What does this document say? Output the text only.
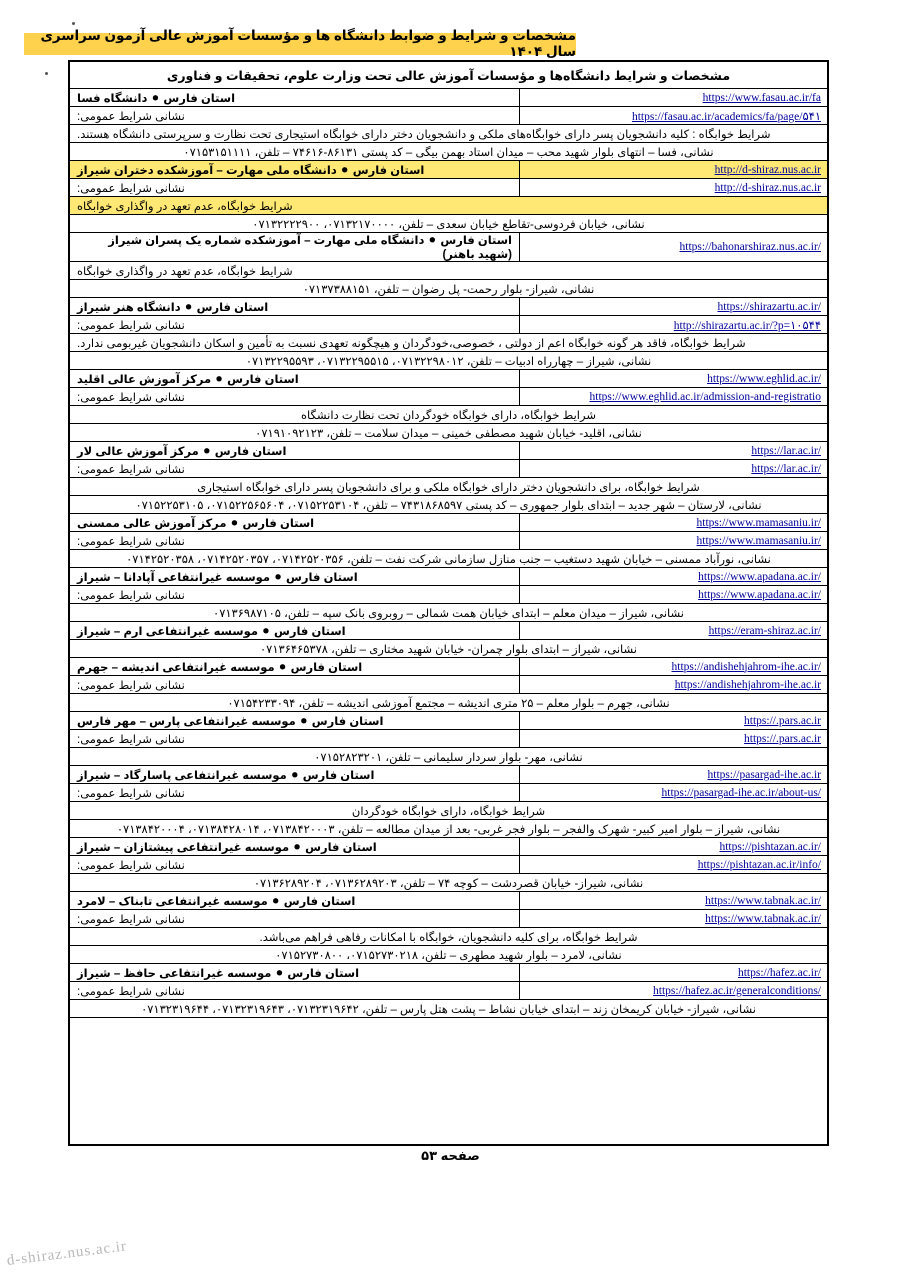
مشخصات و شرایط و ضوابط دانشگاه ها و مؤسسات آموزش عالی آزمون سراسری سال ۱۴۰۴
مشخصات و شرایط دانشگاه‌ها و مؤسسات آموزش عالی تحت وزارت علوم، تحقیقات و فناوری
https://www.fasau.ac.ir/fa
استان فارس ⚫ دانشگاه فسا
https://fasau.ac.ir/academics/fa/page/۵۴۱
نشانی شرایط عمومی:
شرایط خوابگاه : کلیه دانشجویان پسر دارای خوابگاه‌های ملکی و دانشجویان دختر دارای خوابگاه استیجاری تحت نظارت و سرپرستی دانشگاه هستند.
نشانی، فسا – انتهای بلوار شهید محب – میدان استاد بهمن بیگی – کد پستی ۸۶۱۳۱-۷۴۶۱۶ – تلفن، ۰۷۱۵۳۱۵۱۱۱۱
http://d-shiraz.nus.ac.ir
استان فارس ⚫ دانشگاه ملی مهارت – آموزشکده دختران شیراز
http://d-shiraz.nus.ac.ir
نشانی شرایط عمومی:
شرایط خوابگاه، عدم تعهد در واگذاری خوابگاه
نشانی، خیابان فردوسی-تقاطع خیابان سعدی – تلفن، ۰۷۱۳۲۱۷۰۰۰۰، ۰۷۱۳۲۲۲۲۹۰۰
https://bahonarshiraz.nus.ac.ir/
استان فارس ⚫ دانشگاه ملی مهارت – آموزشکده شماره یک پسران شیراز (شهید باهنر)
شرایط خوابگاه، عدم تعهد در واگذاری خوابگاه
نشانی، شیراز- بلوار رحمت- پل رضوان – تلفن، ۰۷۱۳۷۳۸۸۱۵۱
https://shirazartu.ac.ir/
استان فارس ⚫ دانشگاه هنر شیراز
http://shirazartu.ac.ir/?p=۱۰۵۴۴
نشانی شرایط عمومی:
شرایط خوابگاه، فاقد هر گونه خوابگاه اعم از دولتی ، خصوصی،خودگردان و هیچگونه تعهدی نسبت به تأمین و اسکان دانشجویان غیربومی ندارد.
نشانی، شیراز – چهارراه ادبیات – تلفن، ۰۷۱۳۲۲۹۸۰۱۲، ۰۷۱۳۲۲۹۵۵۱۵، ۰۷۱۳۲۲۹۵۵۹۳
https://www.eghlid.ac.ir/
استان فارس ⚫ مرکز آموزش عالی اقلید
https://www.eghlid.ac.ir/admission-and-registratio
نشانی شرایط عمومی:
شرایط خوابگاه، دارای خوابگاه خودگردان تحت نظارت دانشگاه
نشانی، اقلید- خیابان شهید مصطفی خمینی – میدان سلامت – تلفن، ۰۷۱۹۱۰۹۲۱۲۳
https://lar.ac.ir/
استان فارس ⚫ مرکز آموزش عالی لار
https://lar.ac.ir/
نشانی شرایط عمومی:
شرایط خوابگاه، برای دانشجویان دختر دارای خوابگاه ملکی و برای دانشجویان پسر دارای خوابگاه استیجاری
نشانی، لارستان – شهر جدید – ابتدای بلوار جمهوری – کد پستی ۷۴۳۱۸۶۸۵۹۷ – تلفن، ۰۷۱۵۲۲۵۳۱۰۴، ۰۷۱۵۲۲۵۶۵۶۰۴، ۰۷۱۵۲۲۵۳۱۰۵
https://www.mamasaniu.ir/
استان فارس ⚫ مرکز آموزش عالی ممسنی
https://www.mamasaniu.ir/
نشانی شرایط عمومی:
نشانی، نورآباد ممسنی – خیابان شهید دستغیب – جنب منازل سازمانی شرکت نفت – تلفن، ۰۷۱۴۲۵۲۰۳۵۶، ۰۷۱۴۲۵۲۰۳۵۷، ۰۷۱۴۲۵۲۰۳۵۸
https://www.apadana.ac.ir/
استان فارس ⚫ موسسه غیرانتفاعی آپادانا – شیراز
https://www.apadana.ac.ir/
نشانی شرایط عمومی:
نشانی، شیراز – میدان معلم – ابتدای خیابان همت شمالی – روبروی بانک سپه – تلفن، ۰۷۱۳۶۹۸۷۱۰۵
https://eram-shiraz.ac.ir/
استان فارس ⚫ موسسه غیرانتفاعی ارم – شیراز
نشانی، شیراز – ابتدای بلوار چمران- خیابان شهید مختاری – تلفن، ۰۷۱۳۶۴۶۵۳۷۸
https://andishehjahrom-ihe.ac.ir/
استان فارس ⚫ موسسه غیرانتفاعی اندیشه – جهرم
https://andishehjahrom-ihe.ac.ir
نشانی شرایط عمومی:
نشانی، جهرم – بلوار معلم – ۲۵ متری اندیشه – مجتمع آموزشی اندیشه – تلفن، ۰۷۱۵۴۲۳۳۰۹۴
https://.pars.ac.ir
استان فارس ⚫ موسسه غیرانتفاعی پارس – مهر فارس
https://.pars.ac.ir
نشانی شرایط عمومی:
نشانی، مهر- بلوار سردار سلیمانی – تلفن، ۰۷۱۵۲۸۲۳۲۰۱
https://pasargad-ihe.ac.ir
استان فارس ⚫ موسسه غیرانتفاعی پاسارگاد – شیراز
https://pasargad-ihe.ac.ir/about-us/
نشانی شرایط عمومی:
شرایط خوابگاه، دارای خوابگاه خودگردان
نشانی، شیراز – بلوار امیر کبیر- شهرک والفجر – بلوار فجر غربی- بعد از میدان مطالعه – تلفن، ۰۷۱۳۸۴۲۰۰۰۳، ۰۷۱۳۸۴۲۸۰۱۴، ۰۷۱۳۸۴۲۰۰۰۴
https://pishtazan.ac.ir/
استان فارس ⚫ موسسه غیرانتفاعی پیشتازان – شیراز
https://pishtazan.ac.ir/info/
نشانی شرایط عمومی:
نشانی، شیراز- خیابان قصردشت – کوچه ۷۴ – تلفن، ۰۷۱۳۶۲۸۹۲۰۳، ۰۷۱۳۶۲۸۹۲۰۴
https://www.tabnak.ac.ir/
استان فارس ⚫ موسسه غیرانتفاعی تابناک – لامرد
https://www.tabnak.ac.ir/
نشانی شرایط عمومی:
شرایط خوابگاه، برای کلیه دانشجویان، خوابگاه با امکانات رفاهی فراهم می‌باشد.
نشانی، لامرد – بلوار شهید مطهری – تلفن، ۰۷۱۵۲۷۳۰۲۱۸، ۰۷۱۵۲۷۳۰۸۰۰
https://hafez.ac.ir/
استان فارس ⚫ موسسه غیرانتفاعی حافظ – شیراز
https://hafez.ac.ir/generalconditions/
نشانی شرایط عمومی:
نشانی، شیراز- خیابان کریمخان زند – ابتدای خیابان نشاط – پشت هتل پارس – تلفن، ۰۷۱۳۲۳۱۹۶۴۲، ۰۷۱۳۲۳۱۹۶۴۳، ۰۷۱۳۲۳۱۹۶۴۴
صفحه ۵۳
d-shiraz.nus.ac.ir
